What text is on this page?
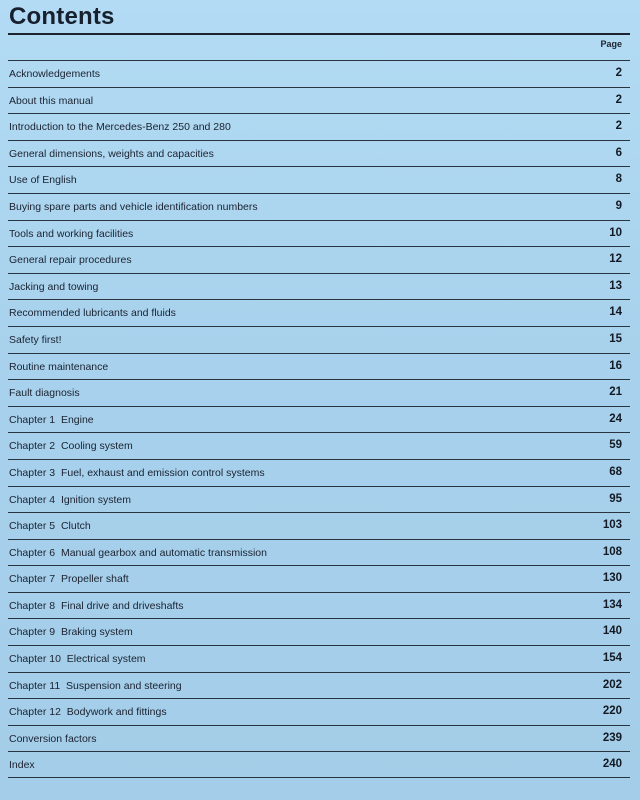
Contents
Page
Acknowledgements	2
About this manual	2
Introduction to the Mercedes-Benz 250 and 280	2
General dimensions, weights and capacities	6
Use of English	8
Buying spare parts and vehicle identification numbers	9
Tools and working facilities	10
General repair procedures	12
Jacking and towing	13
Recommended lubricants and fluids	14
Safety first!	15
Routine maintenance	16
Fault diagnosis	21
Chapter 1  Engine	24
Chapter 2  Cooling system	59
Chapter 3  Fuel, exhaust and emission control systems	68
Chapter 4  Ignition system	95
Chapter 5  Clutch	103
Chapter 6  Manual gearbox and automatic transmission	108
Chapter 7  Propeller shaft	130
Chapter 8  Final drive and driveshafts	134
Chapter 9  Braking system	140
Chapter 10  Electrical system	154
Chapter 11  Suspension and steering	202
Chapter 12  Bodywork and fittings	220
Conversion factors	239
Index	240
